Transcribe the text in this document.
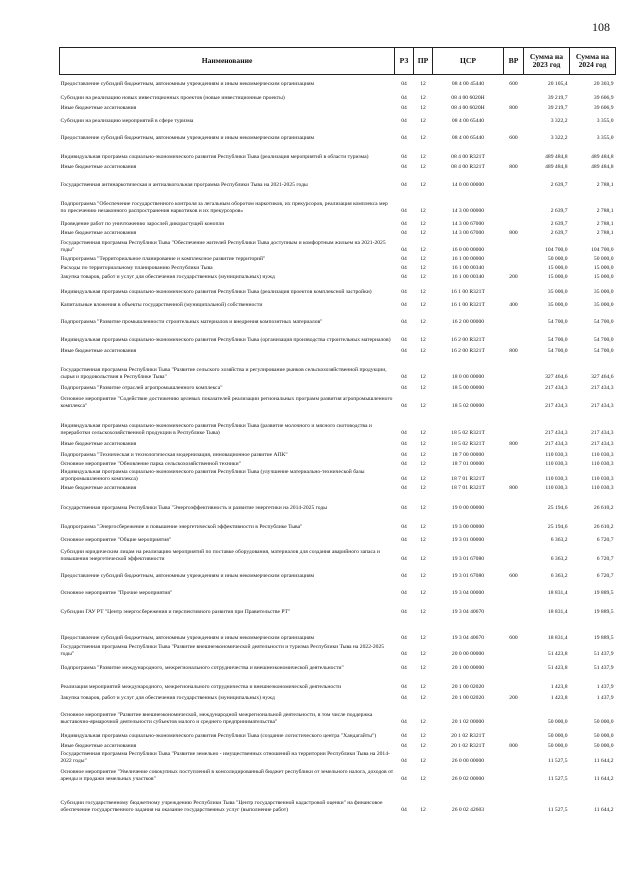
108
Наименование	РЗ	ПР	ЦСР	ВР	Сумма на 2023 год	Сумма на 2024 год
Предоставление субсидий бюджетным, автономным учреждениям и иным некоммерческим организациям	04	12	08 4 00 45440	600	20 105,4	20 303,9
Субсидии на реализацию новых инвестиционных проектов (новые инвестиционные проекты)	04	12	08 4 00 6020Н		39 219,7	39 606,9
Иные бюджетные ассигнования	04	12	08 4 00 6020Н	800	39 219,7	39 606,9
Субсидии на реализацию мероприятий в сфере туризма	04	12	08 4 00 65440		3 322,2	3 355,0
Предоставление субсидий бюджетным, автономным учреждениям и иным некоммерческим организациям	04	12	08 4 00 65440	600	3 322,2	3 355,0
Индивидуальная программа социально-экономического развития Республики Тыва (реализация мероприятий в области туризма)	04	12	08 4 00 R321Т		489 484,8	489 484,8
Иные бюджетные ассигнования	04	12	08 4 00 R321Т	800	489 484,8	489 484,8
Государственная антинаркотическая и антиалкогольная программа Республики Тыва на 2021-2025 годы	04	12	14 0 00 00000		2 639,7	2 788,1
Подпрограмма "Обеспечение государственного контроля за легальным оборотом наркотиков, их прекурсоров, реализация комплекса мер по пресечению незаконного распространения наркотиков и их прекурсоров»	04	12	14 3 00 00000		2 639,7	2 788,1
Проведение работ по уничтожению зарослей дикорастущей конопли	04	12	14 3 00 67000		2 639,7	2 788,1
Иные бюджетные ассигнования	04	12	14 3 00 67000	800	2 639,7	2 788,1
Государственная программа Республики Тыва "Обеспечение жителей Республики Тыва доступным и комфортным жильем на 2021-2025 годы"	04	12	16 0 00 00000		104 700,0	104 700,0
Подпрограмма "Территориальное планирование и комплексное развитие территорий"	04	12	16 1 00 00000		50 000,0	50 000,0
Расходы по территориальному планированию Республики Тыва	04	12	16 1 00 00340		15 000,0	15 000,0
Закупка товаров, работ и услуг для обеспечения государственных (муниципальных) нужд	04	12	16 1 00 00340	200	15 000,0	15 000,0
Индивидуальная программа социально-экономического развития Республики Тыва (реализация проектов комплексной застройки)	04	12	16 1 00 R321Т		35 000,0	35 000,0
Капитальные вложения в объекты государственной (муниципальной) собственности	04	12	16 1 00 R321Т	400	35 000,0	35 000,0
Подпрограмма "Развитие промышленности строительных материалов и внедрения композитных материалов"	04	12	16 2 00 00000		54 700,0	54 700,0
Индивидуальная программа социально-экономического развития Республики Тыва (организация производства строительных материалов)	04	12	16 2 00 R321Т		54 700,0	54 700,0
Иные бюджетные ассигнования	04	12	16 2 00 R321Т	800	54 700,0	54 700,0
Государственная программа Республики Тыва "Развитие сельского хозяйства и регулирование рынков сельскохозяйственной продукции, сырья и продовольствия в Республике Тыва"	04	12	18 0 00 00000		327 464,6	327 464,6
Подпрограмма "Развитие отраслей агропромышленного комплекса"	04	12	18 5 00 00000		217 434,3	217 434,3
Основное мероприятие "Содействие достижению целевых показателей реализации региональных программ развития агропромышленного комплекса"	04	12	18 5 02 00000		217 434,3	217 434,3
Индивидуальная программа социально-экономического развития Республики Тыва (развитие молочного и мясного скотоводства и переработки сельскохозяйственной продукции в Республике Тыва)	04	12	18 5 02 R321Т		217 434,3	217 434,3
Иные бюджетные ассигнования	04	12	18 5 02 R321Т	800	217 434,3	217 434,3
Подпрограмма "Техническая и технологическая модернизация, инновационное развитие АПК"	04	12	18 7 00 00000		110 030,3	110 030,3
Основное мероприятие "Обновление парка сельскохозяйственной техники"	04	12	18 7 01 00000		110 030,3	110 030,3
Индивидуальная программа социально-экономического развития Республики Тыва (улучшение материально-технической базы агропромышленного комплекса)	04	12	18 7 01 R321Т		110 030,3	110 030,3
Иные бюджетные ассигнования	04	12	18 7 01 R321Т	800	110 030,3	110 030,3
Государственная программа Республики Тыва "Энергоэффективность и развитие энергетики на 2014-2025 годы	04	12	19 0 00 00000		25 194,6	26 610,2
Подпрограмма "Энергосбережение и повышение энергетической эффективности в Республике Тыва"	04	12	19 3 00 00000		25 194,6	26 610,2
Основное мероприятие "Общие мероприятия"	04	12	19 3 01 00000		6 363,2	6 720,7
Субсидии юридическим лицам на реализацию мероприятий по поставке оборудования, материалов для создания аварийного запаса и повышения энергетической эффективности	04	12	19 3 01 67080		6 363,2	6 720,7
Предоставление субсидий бюджетным, автономным учреждениям и иным некоммерческим организациям	04	12	19 3 01 67080	600	6 363,2	6 720,7
Основное мероприятие "Прочие мероприятия"	04	12	19 3 04 00000		18 831,4	19 889,5
Субсидии ГАУ РТ "Центр энергосбережения и перспективного развития при Правительстве РТ"	04	12	19 3 04 40670		18 831,4	19 889,5
Предоставление субсидий бюджетным, автономным учреждениям и иным некоммерческим организациям	04	12	19 3 04 40670	600	18 831,4	19 889,5
Государственная программа Республики Тыва "Развитие внешнеэкономической деятельности и туризма Республики Тыва на 2022-2025 годы"	04	12	20 0 00 00000		51 423,8	51 437,9
Подпрограмма "Развитие международного, межрегионального сотрудничества и внешнеэкономической деятельности"	04	12	20 1 00 00000		51 423,8	51 437,9
Реализация мероприятий международного, межрегионального сотрудничества и внешнеэкономической деятельности	04	12	20 1 00 02020		1 423,8	1 437,9
Закупка товаров, работ и услуг для обеспечения государственных (муниципальных) нужд	04	12	20 1 00 02020	200	1 423,8	1 437,9
Основное мероприятие "Развитие внешнеэкономической, международной межрегиональной деятельности, в том числе поддержка выставочно-ярмарочной деятельности субъектов малого и среднего предпринимательства"	04	12	20 1 02 00000		50 000,0	50 000,0
Индивидуальная программа социально-экономического развития Республики Тыва (создание логистического центра "Хандагайты")	04	12	20 1 02 R321Т		50 000,0	50 000,0
Иные бюджетные ассигнования	04	12	20 1 02 R321Т	800	50 000,0	50 000,0
Государственная программа Республики Тыва "Развитие земельно - имущественных отношений на территории Республики Тыва на 2014-2022 годы"	04	12	26 0 00 00000		11 527,5	11 644,2
Основное мероприятие "Увеличение совокупных поступлений в консолидированный бюджет республики от земельного налога, доходов от аренды и продажи земельных участков"	04	12	26 0 02 00000		11 527,5	11 644,2
Субсидии государственному бюджетному учреждению Республики Тыва "Центр государственной кадастровой оценки" на финансовое обеспечение государственного задания на оказание государственных услуг (выполнение работ)	04	12	26 0 02 42603		11 527,5	11 644,2
